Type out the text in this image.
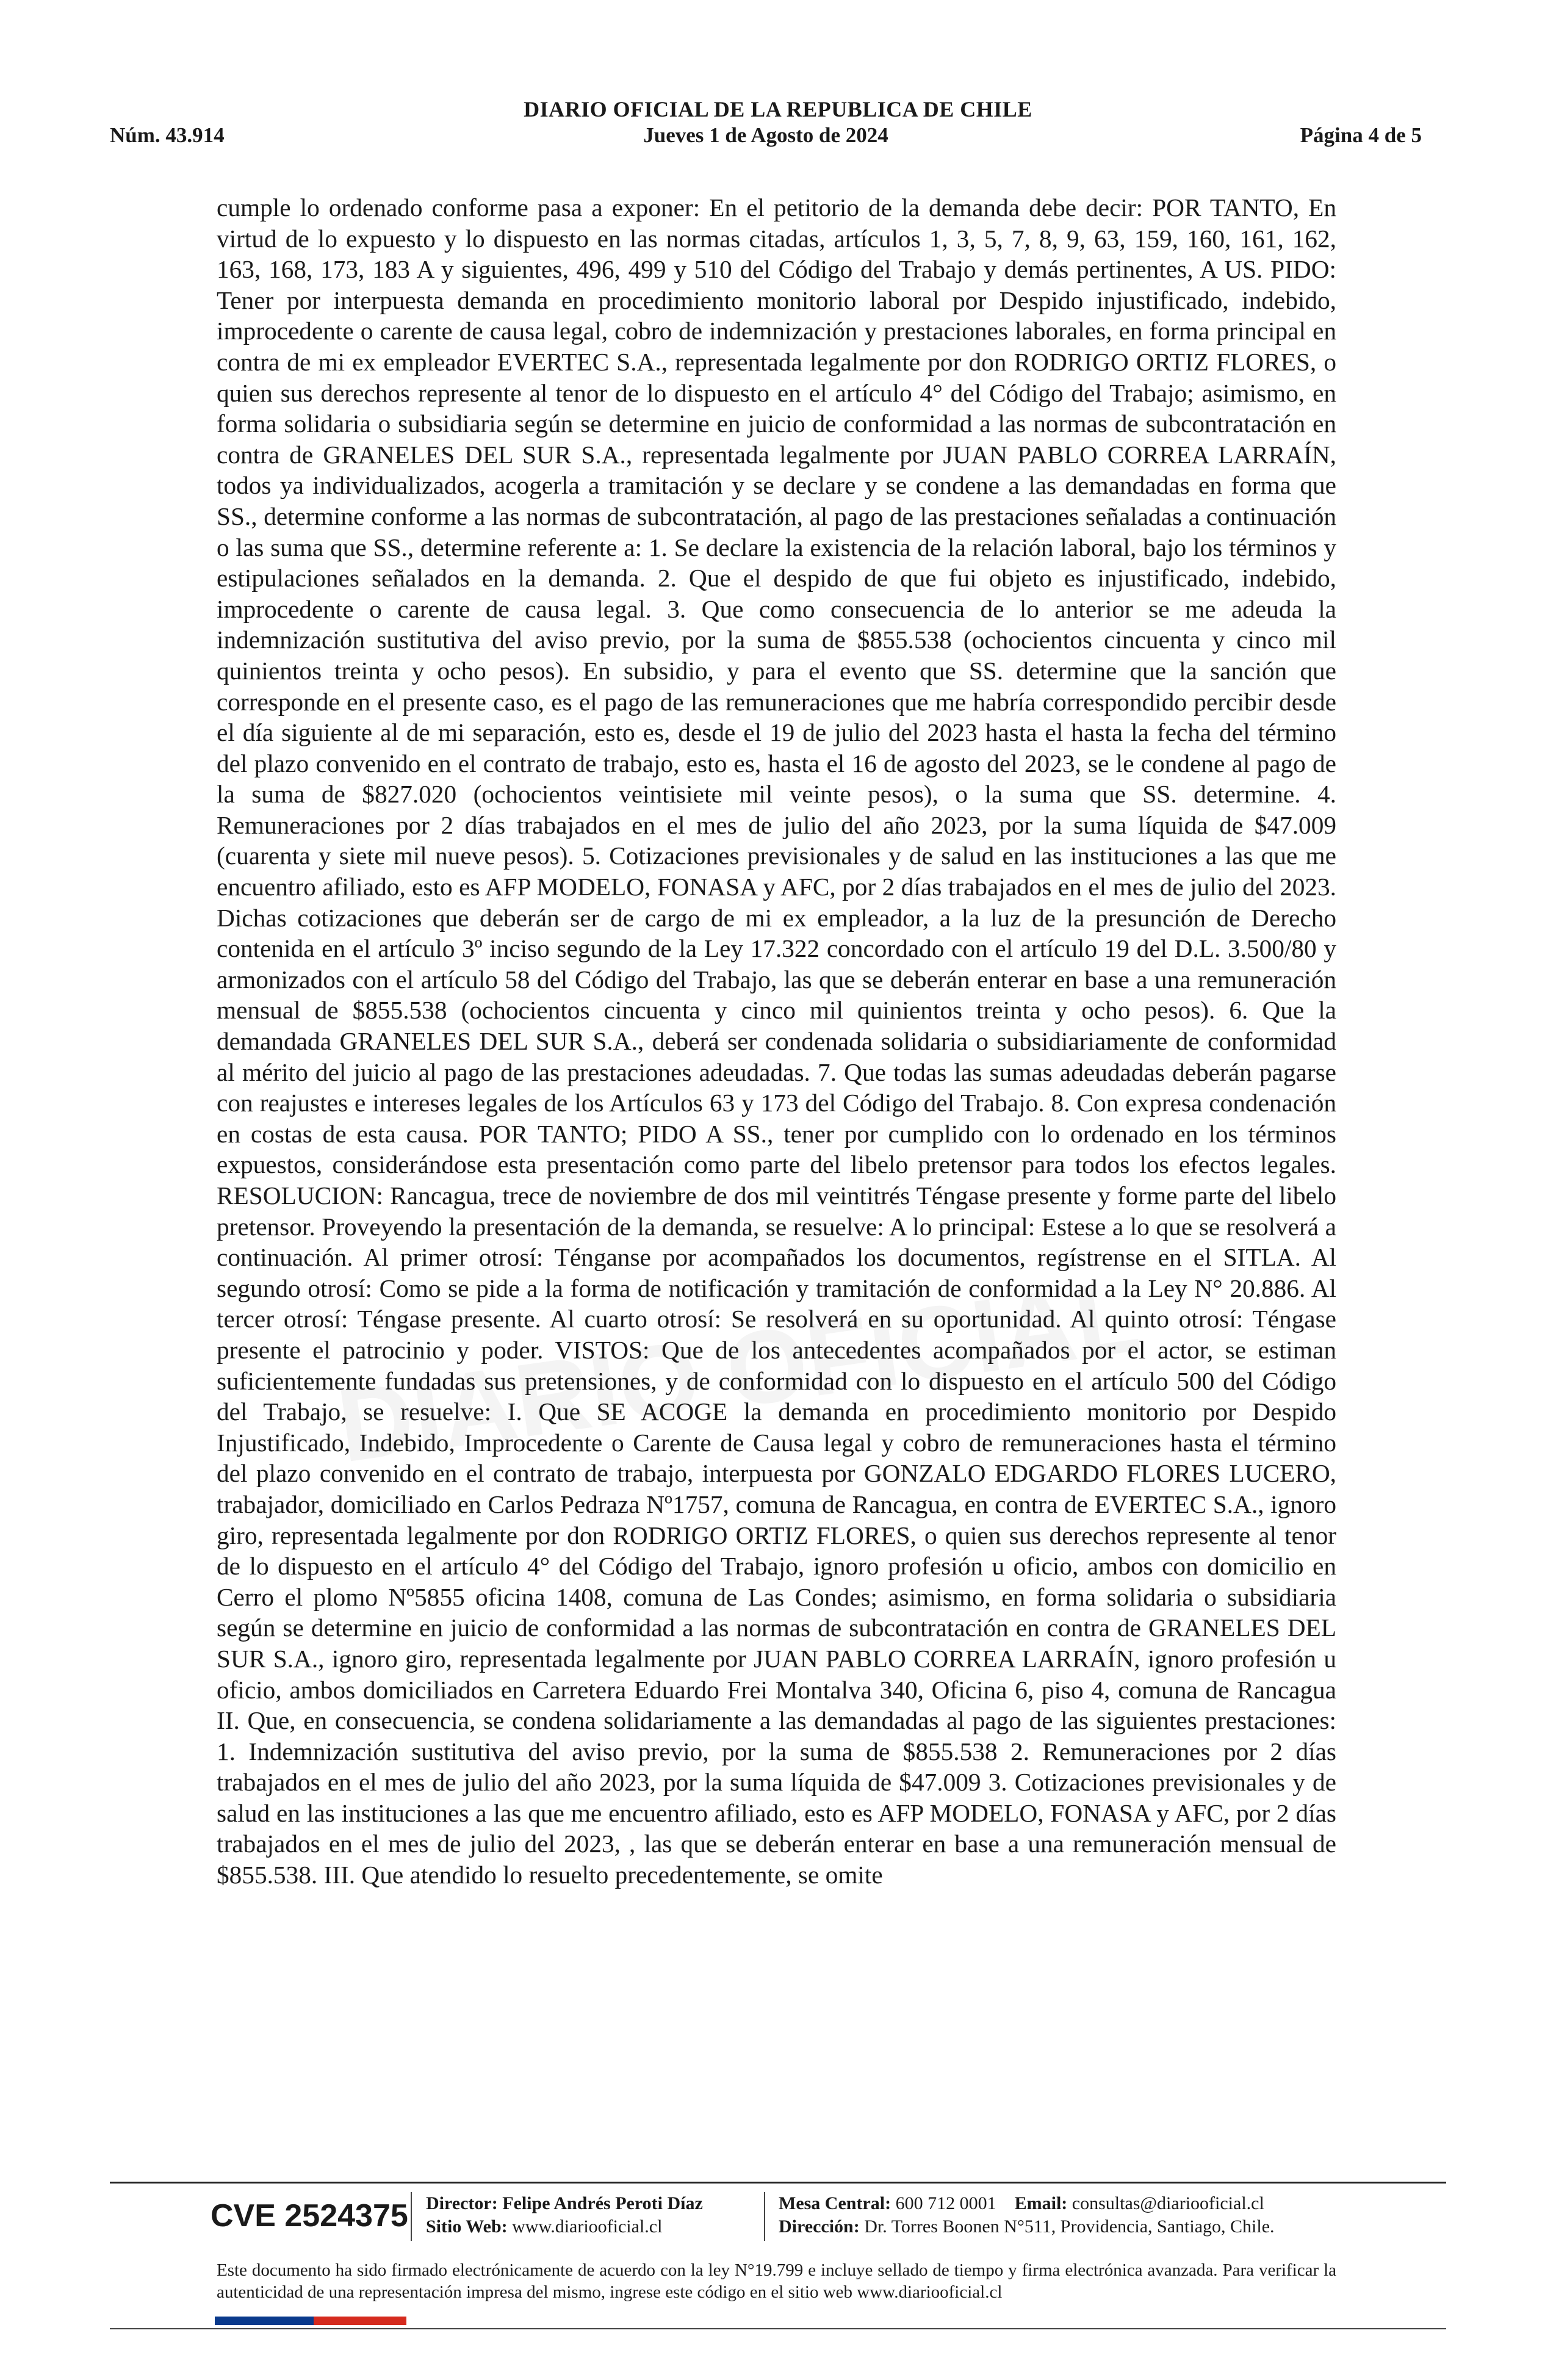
DIARIO OFICIAL DE LA REPUBLICA DE CHILE
Jueves 1 de Agosto de 2024
Núm. 43.914	Página 4 de 5

cumple lo ordenado conforme pasa a exponer: En el petitorio de la demanda debe decir: POR TANTO, En virtud de lo expuesto y lo dispuesto en las normas citadas, artículos 1, 3, 5, 7, 8, 9, 63, 159, 160, 161, 162, 163, 168, 173, 183 A y siguientes, 496, 499 y 510 del Código del Trabajo y demás pertinentes, A US. PIDO: Tener por interpuesta demanda en procedimiento monitorio laboral por Despido injustificado, indebido, improcedente o carente de causa legal, cobro de indemnización y prestaciones laborales, en forma principal en contra de mi ex empleador EVERTEC S.A., representada legalmente por don RODRIGO ORTIZ FLORES, o quien sus derechos represente al tenor de lo dispuesto en el artículo 4° del Código del Trabajo; asimismo, en forma solidaria o subsidiaria según se determine en juicio de conformidad a las normas de subcontratación en contra de GRANELES DEL SUR S.A., representada legalmente por JUAN PABLO CORREA LARRAÍN, todos ya individualizados, acogerla a tramitación y se declare y se condene a las demandadas en forma que SS., determine conforme a las normas de subcontratación, al pago de las prestaciones señaladas a continuación o las suma que SS., determine referente a: 1. Se declare la existencia de la relación laboral, bajo los términos y estipulaciones señalados en la demanda. 2. Que el despido de que fui objeto es injustificado, indebido, improcedente o carente de causa legal. 3. Que como consecuencia de lo anterior se me adeuda la indemnización sustitutiva del aviso previo, por la suma de $855.538 (ochocientos cincuenta y cinco mil quinientos treinta y ocho pesos). En subsidio, y para el evento que SS. determine que la sanción que corresponde en el presente caso, es el pago de las remuneraciones que me habría correspondido percibir desde el día siguiente al de mi separación, esto es, desde el 19 de julio del 2023 hasta el hasta la fecha del término del plazo convenido en el contrato de trabajo, esto es, hasta el 16 de agosto del 2023, se le condene al pago de la suma de $827.020 (ochocientos veintisiete mil veinte pesos), o la suma que SS. determine. 4. Remuneraciones por 2 días trabajados en el mes de julio del año 2023, por la suma líquida de $47.009 (cuarenta y siete mil nueve pesos). 5. Cotizaciones previsionales y de salud en las instituciones a las que me encuentro afiliado, esto es AFP MODELO, FONASA y AFC, por 2 días trabajados en el mes de julio del 2023. Dichas cotizaciones que deberán ser de cargo de mi ex empleador, a la luz de la presunción de Derecho contenida en el artículo 3º inciso segundo de la Ley 17.322 concordado con el artículo 19 del D.L. 3.500/80 y armonizados con el artículo 58 del Código del Trabajo, las que se deberán enterar en base a una remuneración mensual de $855.538 (ochocientos cincuenta y cinco mil quinientos treinta y ocho pesos). 6. Que la demandada GRANELES DEL SUR S.A., deberá ser condenada solidaria o subsidiariamente de conformidad al mérito del juicio al pago de las prestaciones adeudadas. 7. Que todas las sumas adeudadas deberán pagarse con reajustes e intereses legales de los Artículos 63 y 173 del Código del Trabajo. 8. Con expresa condenación en costas de esta causa. POR TANTO; PIDO A SS., tener por cumplido con lo ordenado en los términos expuestos, considerándose esta presentación como parte del libelo pretensor para todos los efectos legales. RESOLUCION: Rancagua, trece de noviembre de dos mil veintitrés Téngase presente y forme parte del libelo pretensor. Proveyendo la presentación de la demanda, se resuelve: A lo principal: Estese a lo que se resolverá a continuación. Al primer otrosí: Ténganse por acompañados los documentos, regístrense en el SITLA. Al segundo otrosí: Como se pide a la forma de notificación y tramitación de conformidad a la Ley N° 20.886. Al tercer otrosí: Téngase presente. Al cuarto otrosí: Se resolverá en su oportunidad. Al quinto otrosí: Téngase presente el patrocinio y poder. VISTOS: Que de los antecedentes acompañados por el actor, se estiman suficientemente fundadas sus pretensiones, y de conformidad con lo dispuesto en el artículo 500 del Código del Trabajo, se resuelve: I. Que SE ACOGE la demanda en procedimiento monitorio por Despido Injustificado, Indebido, Improcedente o Carente de Causa legal y cobro de remuneraciones hasta el término del plazo convenido en el contrato de trabajo, interpuesta por GONZALO EDGARDO FLORES LUCERO, trabajador, domiciliado en Carlos Pedraza Nº1757, comuna de Rancagua, en contra de EVERTEC S.A., ignoro giro, representada legalmente por don RODRIGO ORTIZ FLORES, o quien sus derechos represente al tenor de lo dispuesto en el artículo 4° del Código del Trabajo, ignoro profesión u oficio, ambos con domicilio en Cerro el plomo Nº5855 oficina 1408, comuna de Las Condes; asimismo, en forma solidaria o subsidiaria según se determine en juicio de conformidad a las normas de subcontratación en contra de GRANELES DEL SUR S.A., ignoro giro, representada legalmente por JUAN PABLO CORREA LARRAÍN, ignoro profesión u oficio, ambos domiciliados en Carretera Eduardo Frei Montalva 340, Oficina 6, piso 4, comuna de Rancagua II. Que, en consecuencia, se condena solidariamente a las demandadas al pago de las siguientes prestaciones: 1. Indemnización sustitutiva del aviso previo, por la suma de $855.538 2. Remuneraciones por 2 días trabajados en el mes de julio del año 2023, por la suma líquida de $47.009 3. Cotizaciones previsionales y de salud en las instituciones a las que me encuentro afiliado, esto es AFP MODELO, FONASA y AFC, por 2 días trabajados en el mes de julio del 2023, , las que se deberán enterar en base a una remuneración mensual de $855.538. III. Que atendido lo resuelto precedentemente, se omite

CVE 2524375 Director: Felipe Andrés Peroti Díaz
Sitio Web: www.diariooficial.cl
Mesa Central: 600 712 0001 Email: consultas@diariooficial.cl
Dirección: Dr. Torres Boonen N°511, Providencia, Santiago, Chile.

Este documento ha sido firmado electrónicamente de acuerdo con la ley N°19.799 e incluye sellado de tiempo y firma electrónica avanzada. Para verificar la autenticidad de una representación impresa del mismo, ingrese este código en el sitio web www.diariooficial.cl
